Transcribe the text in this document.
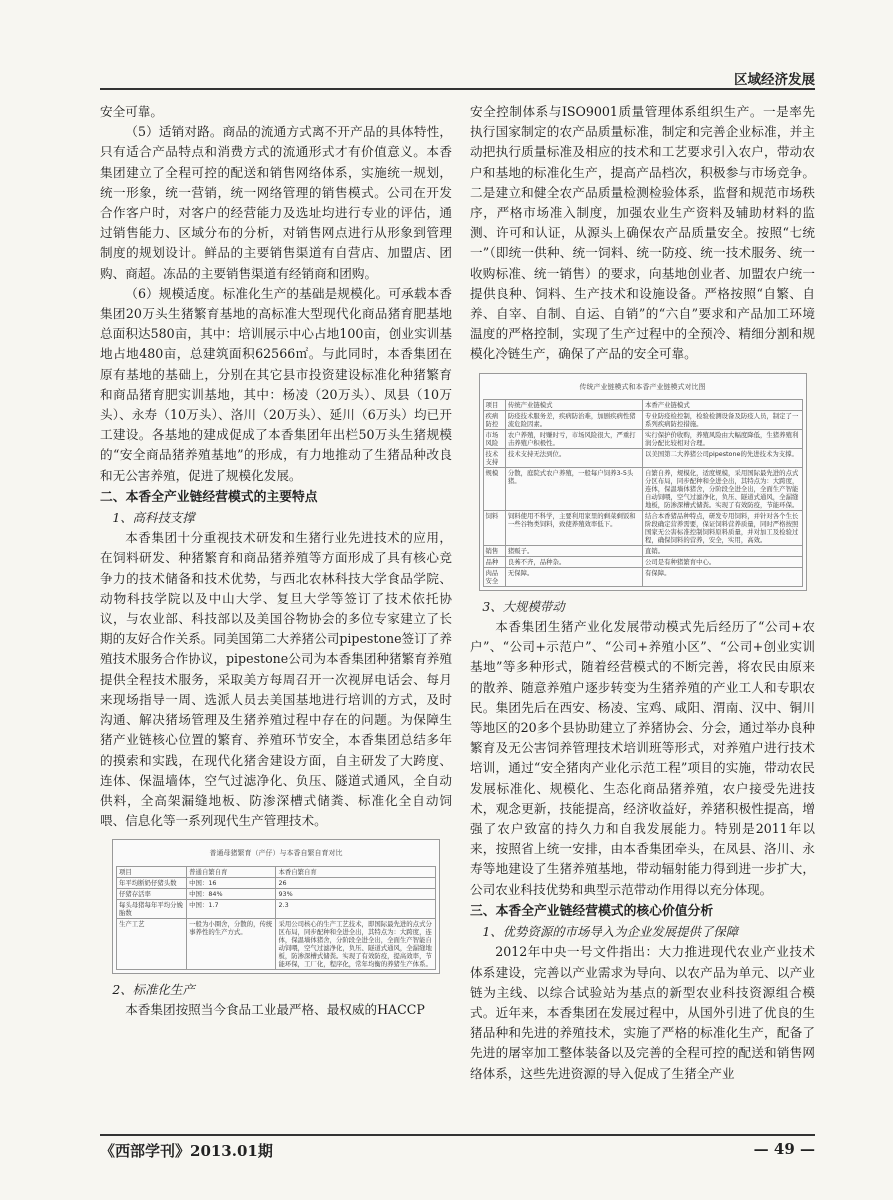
区域经济发展

安全可靠。

（5）适销对路。商品的流通方式离不开产品的具体特性，只有适合产品特点和消费方式的流通形式才有价值意义。本香集团建立了全程可控的配送和销售网络体系，实施统一规划，统一形象，统一营销，统一网络管理的销售模式。公司在开发合作客户时，对客户的经营能力及选址均进行专业的评估，通过销售能力、区域分布的分析，对销售网点进行从形象到管理制度的规划设计。鲜品的主要销售渠道有自营店、加盟店、团购、商超。冻品的主要销售渠道有经销商和团购。

（6）规模适度。标准化生产的基础是规模化。可承载本香集团20万头生猪繁育基地的高标准大型现代化商品猪育肥基地总面积达580亩，其中：培训展示中心占地100亩，创业实训基地占地480亩，总建筑面积62566㎡。与此同时，本香集团在原有基地的基础上，分别在其它县市投资建设标准化种猪繁育和商品猪育肥实训基地，其中：杨凌（20万头）、凤县（10万头）、永寿（10万头）、洛川（20万头）、延川（6万头）均已开工建设。各基地的建成促成了本香集团年出栏50万头生猪规模的“安全商品猪养殖基地”的形成，有力地推动了生猪品种改良和无公害养殖，促进了规模化发展。

二、本香全产业链经营模式的主要特点
1、高科技支撑

本香集团十分重视技术研发和生猪行业先进技术的应用，在饲料研发、种猪繁育和商品猪养殖等方面形成了具有核心竞争力的技术储备和技术优势，与西北农林科技大学食品学院、动物科技学院以及中山大学、复旦大学等签订了技术依托协议，与农业部、科技部以及美国谷物协会的多位专家建立了长期的友好合作关系。同美国第二大养猪公司pipestone签订了养殖技术服务合作协议，pipestone公司为本香集团种猪繁育养殖提供全程技术服务，采取美方每周召开一次视屏电话会、每月来现场指导一周、选派人员去美国基地进行培训的方式，及时沟通、解决猪场管理及生猪养殖过程中存在的问题。为保障生猪产业链核心位置的繁育、养殖环节安全，本香集团总结多年的摸索和实践，在现代化猪舍建设方面，自主研发了大跨度、连体、保温墙体，空气过滤净化、负压、隧道式通风，全自动供料，全高架漏缝地板、防渗深槽式储粪、标准化全自动饲喂、信息化等一系列现代生产管理技术。

普通母猪繁育（产仔）与本香自繁自育对比
项目	普通自繁自育	本香自繁自育
年平均断奶仔猪头数	中国：16	26
仔猪存活率	中国：84%	93%
每头母猪每年平均分娩胎数	中国：1.7	2.3
生产工艺	一般为小圈舍，分散的，传统事养性的生产方式。	采用公司核心的生产工艺技术，即国际最先进的点式分区布局，同步配种和全进全出，其特点为：大跨度，连体，保温墙体猪舍，分阶段全进全出，全面生产智能自动饲喂，空气过滤净化，负压、隧道式通风，全漏缝地板，防渗深槽式储粪。实现了有效防疫，提高效率，节能环保，工厂化，程序化，常年均衡的养猪生产体系。
2、标准化生产

本香集团按照当今食品工业最严格、最权威的HACCP

安全控制体系与ISO9001质量管理体系组织生产。一是率先执行国家制定的农产品质量标准，制定和完善企业标准，并主动把执行质量标准及相应的技术和工艺要求引入农户，带动农户和基地的标准化生产，提高产品档次，积极参与市场竞争。二是建立和健全农产品质量检测检验体系，监督和规范市场秩序，严格市场准入制度，加强农业生产资料及辅助材料的监测、许可和认证，从源头上确保农产品质量安全。按照“七统一”（即统一供种、统一饲料、统一防疫、统一技术服务、统一收购标准、统一销售）的要求，向基地创业者、加盟农户统一提供良种、饲料、生产技术和设施设备。严格按照“自繁、自养、自宰、自制、自运、自销”的“六自”要求和产品加工环境温度的严格控制，实现了生产过程中的全预冷、精细分割和规模化冷链生产，确保了产品的安全可靠。

传统产业链模式和本香产业链模式对比图
项目	传统产业链模式	本香产业链模式
疾病防控	防疫技术服务差，疾病防治难，加剧疾病性猪流危险因素。	专业防疫检控制，检验检测设备及防疫人员，制定了一系列疾病防控措施。
市场风险	农户养殖，时赚时亏，市场风险很大，严重打击养殖户积极性。	实行保护价收购，养殖风险由大幅度降低，生猪养殖利润分配比较相对合理。
技术支持	技术支持无法到位。	以美国第二大养猪公司pipestone的先进技术为支撑。
规模	分散，庭院式农户养殖，一般每户饲养3-5头猪。	自繁自养，规模化，适度规模，采用国际最先进的点式分区布局，同步配种和全进全出，其特点为：大跨度，连体，保温墙体猪舍，分阶段全进全出，全面生产智能自动饲喂，空气过滤净化，负压、隧道式通风，全漏缝地板，防渗深槽式储粪。实现了有效防疫，节能环保。
饲料	饲料使用不科学，主要利用家里的剩菜剩饭和一些谷物类饲料，致使养殖效率低下。	结合本香猪品种特点，研发专用饲料，并针对各个生长阶段确定营养需要，保证饲料营养质量，同时严格按照国家无公害标准控制饲料原料质量，并对加工及检验过程，确保饲料的营养，安全，实用，高效。
销售	猪贩子。	直销。
品种	良莠不齐，品种杂。	公司是有种猪繁育中心。
肉品安全	无保障。	有保障。
3、大规模带动

本香集团生猪产业化发展带动模式先后经历了“公司+农户”、“公司+示范户”、“公司+养殖小区”、“公司+创业实训基地”等多种形式，随着经营模式的不断完善，将农民由原来的散养、随意养殖户逐步转变为生猪养殖的产业工人和专职农民。集团先后在西安、杨凌、宝鸡、咸阳、渭南、汉中、铜川等地区的20多个县协助建立了养猪协会、分会，通过举办良种繁育及无公害饲养管理技术培训班等形式，对养殖户进行技术培训，通过“安全猪肉产业化示范工程”项目的实施，带动农民发展标准化、规模化、生态化商品猪养殖，农户接受先进技术，观念更新，技能提高，经济收益好，养猪积极性提高，增强了农户致富的持久力和自我发展能力。特别是2011年以来，按照省上统一安排，由本香集团牵头，在凤县、洛川、永寿等地建设了生猪养殖基地，带动辐射能力得到进一步扩大，公司农业科技优势和典型示范带动作用得以充分体现。

三、本香全产业链经营模式的核心价值分析
1、优势资源的市场导入为企业发展提供了保障

2012年中央一号文件指出：大力推进现代农业产业技术体系建设，完善以产业需求为导向、以农产品为单元、以产业链为主线、以综合试验站为基点的新型农业科技资源组合模式。近年来，本香集团在发展过程中，从国外引进了优良的生猪品种和先进的养殖技术，实施了严格的标准化生产，配备了先进的屠宰加工整体装备以及完善的全程可控的配送和销售网络体系，这些先进资源的导入促成了生猪全产业

《西部学刊》2013.01期	— 49 —
